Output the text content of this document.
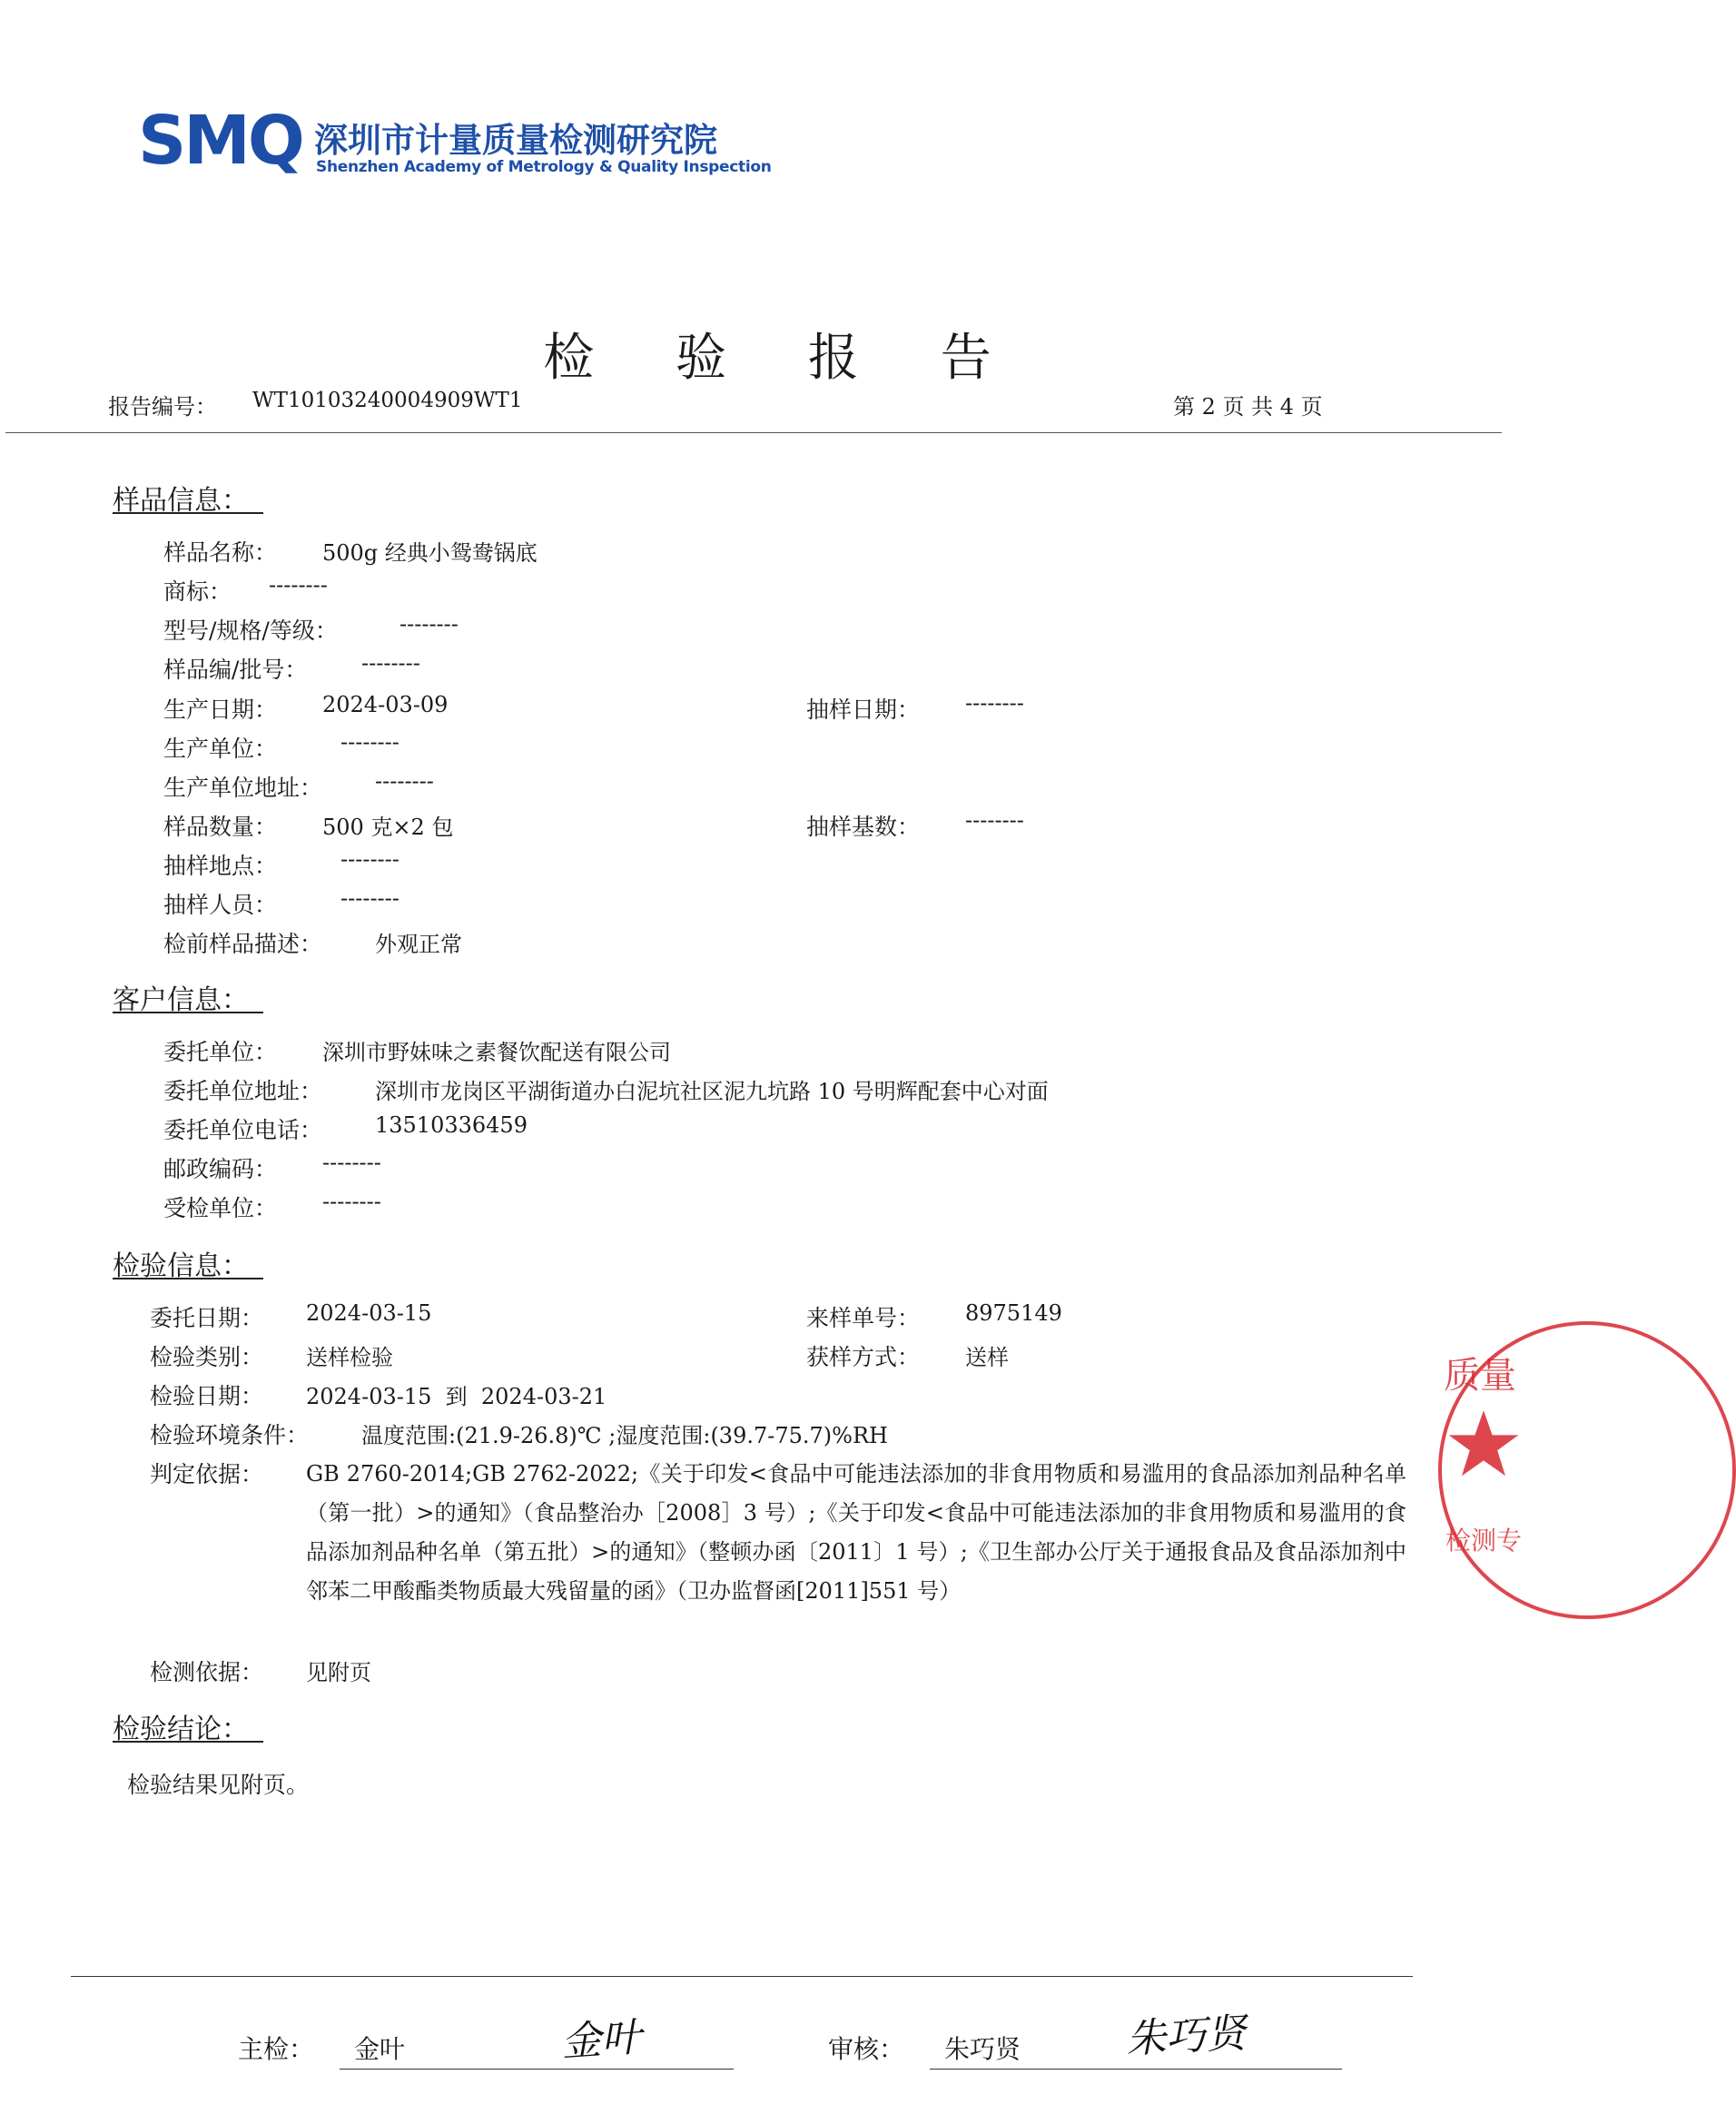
SMQ 深圳市计量质量检测研究院
Shenzhen Academy of Metrology & Quality Inspection
检 验 报 告
报告编号： WT10103240004909WT1	第 2 页 共 4 页
样品信息：
样品名称： 500g 经典小鸳鸯锅底
商标： --------
型号/规格/等级：	--------
样品编/批号： --------
生产日期： 2024-03-09	抽样日期： --------
生产单位：	--------
生产单位地址： --------
样品数量： 500 克×2 包	抽样基数： --------
抽样地点：	--------
抽样人员：	--------
检前样品描述： 外观正常
客户信息：
委托单位： 深圳市野妹味之素餐饮配送有限公司
委托单位地址： 深圳市龙岗区平湖街道办白泥坑社区泥九坑路 10 号明辉配套中心对面
委托单位电话： 13510336459
邮政编码： --------
受检单位： --------
检验信息：
委托日期： 2024-03-15	来样单号： 8975149
检验类别： 送样检验	获样方式： 送样
检验日期： 2024-03-15  到  2024-03-21
检验环境条件： 温度范围:(21.9-26.8)℃ ;湿度范围:(39.7-75.7)%RH
判定依据： GB 2760-2014;GB 2762-2022;《关于印发<食品中可能违法添加的非食用物质和易滥用的食品添加剂品种名单（第一批）>的通知》（食品整治办［2008］3 号）;《关于印发<食品中可能违法添加的非食用物质和易滥用的食品添加剂品种名单（第五批）>的通知》（整顿办函〔2011〕1 号）;《卫生部办公厅关于通报食品及食品添加剂中邻苯二甲酸酯类物质最大残留量的函》（卫办监督函[2011]551 号）
检测依据： 见附页
检验结论：
检验结果见附页。
主检： 金叶	金叶	审核： 朱巧贤	朱巧贤
质量
检测专
